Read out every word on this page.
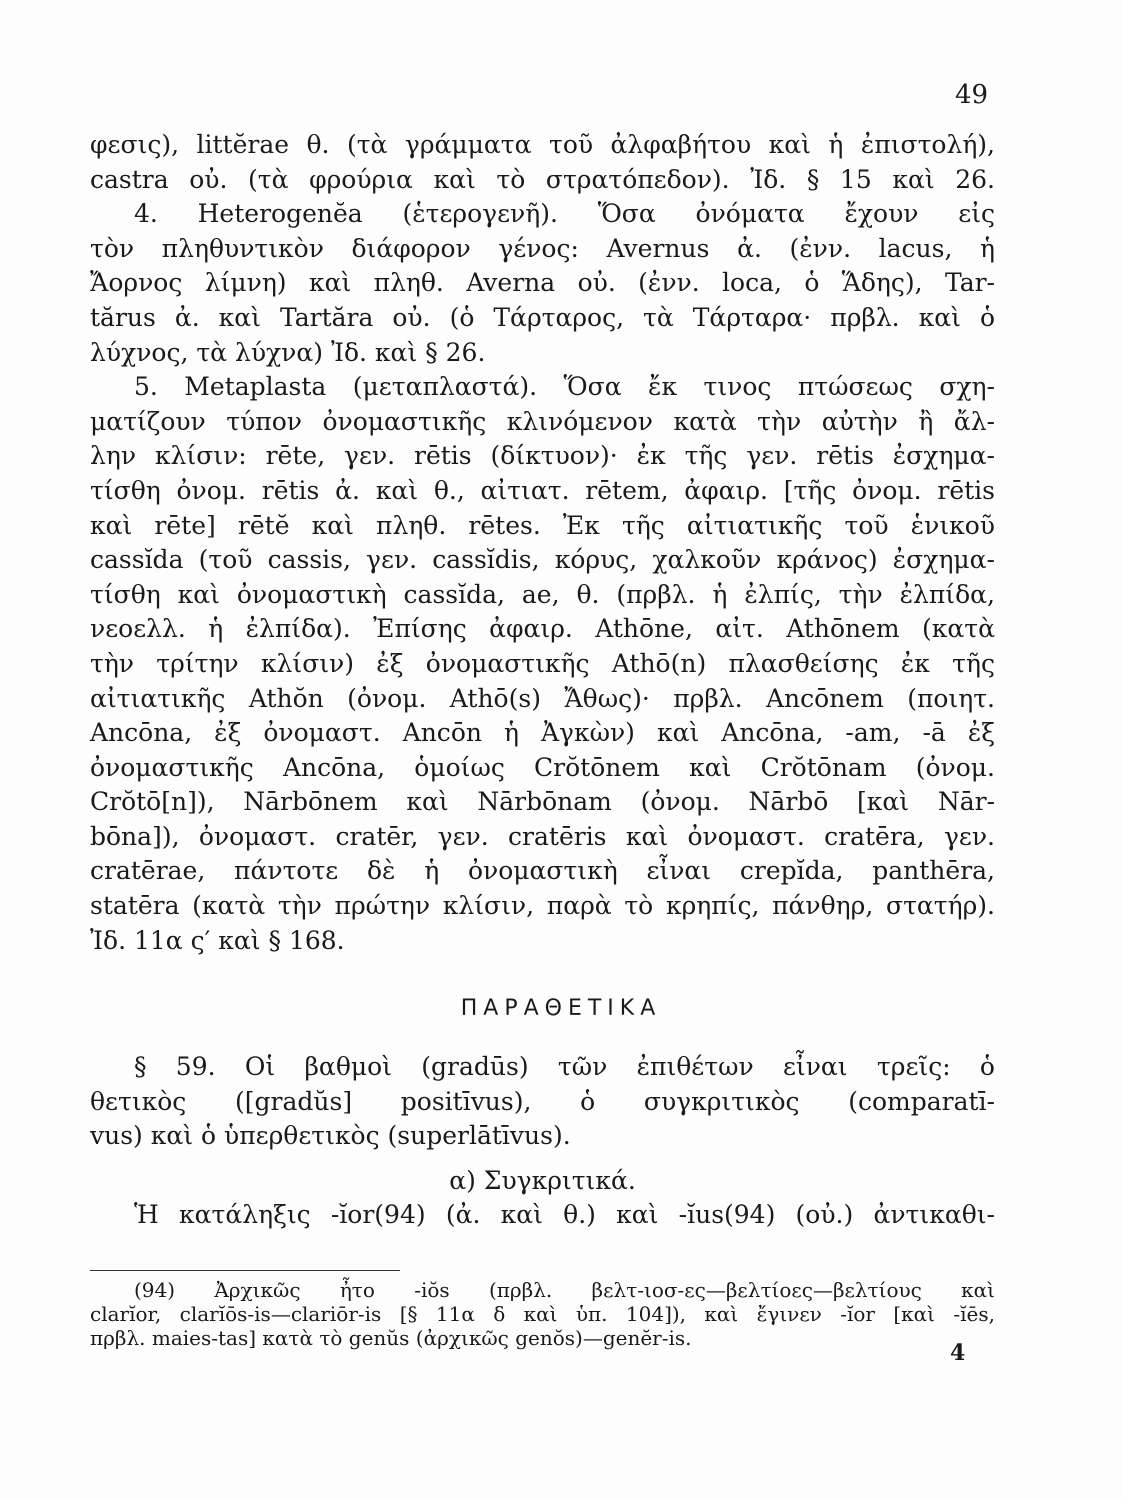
49
φεσις), littĕrae θ. (τὰ γράμματα τοῦ ἀλφαβήτου καὶ ἡ ἐπιστολή),
castra οὐ. (τὰ φρούρια καὶ τὸ στρατόπεδον). Ἰδ. § 15 καὶ 26.
4. Heterogenĕa (ἑτερογενῆ). Ὅσα ὀνόματα ἔχουν εἰς
τὸν πληθυντικὸν διάφορον γένος: Avernus ἀ. (ἐνν. lacus, ἡ
Ἄορνος λίμνη) καὶ πληθ. Averna οὐ. (ἐνν. loca, ὁ Ἅδης), Tar-
tărus ἀ. καὶ Tartăra οὐ. (ὁ Τάρταρος, τὰ Τάρταρα· πρβλ. καὶ ὁ
λύχνος, τὰ λύχνα) Ἰδ. καὶ § 26.
5. Metaplasta (μεταπλαστά). Ὅσα ἔκ τινος πτώσεως σχη-
ματίζουν τύπον ὀνομαστικῆς κλινόμενον κατὰ τὴν αὐτὴν ἢ ἄλ-
λην κλίσιν: rēte, γεν. rētis (δίκτυον)· ἐκ τῆς γεν. rētis ἐσχημα-
τίσθη ὀνομ. rētis ἀ. καὶ θ., αἰτιατ. rētem, ἀφαιρ. [τῆς ὀνομ. rētis
καὶ rēte] rētĕ καὶ πληθ. rētes. Ἐκ τῆς αἰτιατικῆς τοῦ ἑνικοῦ
cassĭda (τοῦ cassis, γεν. cassĭdis, κόρυς, χαλκοῦν κράνος) ἐσχημα-
τίσθη καὶ ὀνομαστικὴ cassĭda, ae, θ. (πρβλ. ἡ ἐλπίς, τὴν ἐλπίδα,
νεοελλ. ἡ ἐλπίδα). Ἐπίσης ἀφαιρ. Athōne, αἰτ. Athōnem (κατὰ
τὴν τρίτην κλίσιν) ἐξ ὀνομαστικῆς Athō(n) πλασθείσης ἐκ τῆς
αἰτιατικῆς Athŏn (ὀνομ. Athō(s) Ἄθως)· πρβλ. Ancōnem (ποιητ.
Ancōna, ἐξ ὀνομαστ. Ancōn ἡ Ἀγκὼν) καὶ Ancōna, -am, -ā ἐξ
ὀνομαστικῆς Ancōna, ὁμοίως Crŏtōnem καὶ Crŏtōnam (ὀνομ.
Crŏtō[n]), Nārbōnem καὶ Nārbōnam (ὀνομ. Nārbō [καὶ Nār-
bōna]), ὀνομαστ. cratēr, γεν. cratēris καὶ ὀνομαστ. cratēra, γεν.
cratērae, πάντοτε δὲ ἡ ὀνομαστικὴ εἶναι crepĭda, panthēra,
statēra (κατὰ τὴν πρώτην κλίσιν, παρὰ τὸ κρηπίς, πάνθηρ, στατήρ).
Ἰδ. 11α ς′ καὶ § 168.
ΠΑΡΑΘΕΤΙΚΑ
§ 59. Οἱ βαθμοὶ (gradūs) τῶν ἐπιθέτων εἶναι τρεῖς: ὁ
θετικὸς ([gradŭs] positīvus), ὁ συγκριτικὸς (comparatī-
vus) καὶ ὁ ὑπερθετικὸς (superlātīvus).
α) Συγκριτικά.
Ἡ κατάληξις -ĭor(94) (ἀ. καὶ θ.) καὶ -ĭus(94) (οὐ.) ἀντικαθι-
(94) Ἀρχικῶς ἦτο -iŏs (πρβλ. βελτ-ιοσ-ες—βελτίοες—βελτίους καὶ
clarĭor, clarĭōs-is—clariōr-is [§ 11α δ καὶ ὑπ. 104]), καὶ ἔγινεν -ĭor [καὶ -ĭēs,
πρβλ. maies-tas] κατὰ τὸ genŭs (ἀρχικῶς genŏs)—genĕr-is.
4
